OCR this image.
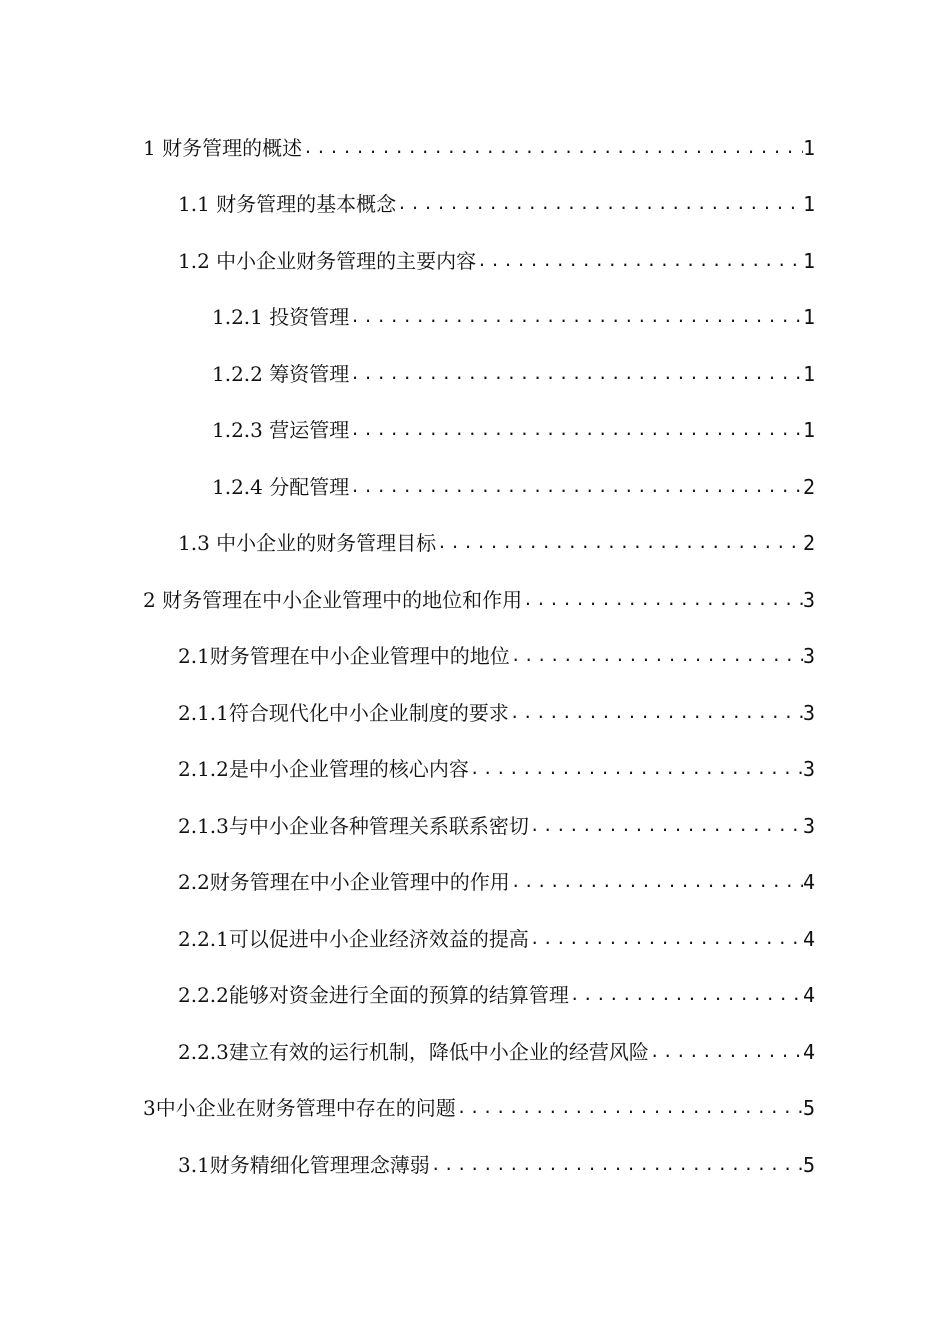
1 财务管理的概述 .....	1
1.1 财务管理的基本概念 .....	1
1.2 中小企业财务管理的主要内容 .....	1
1.2.1 投资管理 .....	1
1.2.2 筹资管理 .....	1
1.2.3 营运管理 .....	1
1.2.4 分配管理 .....	2
1.3 中小企业的财务管理目标 .....	2
2 财务管理在中小企业管理中的地位和作用 .....	3
2.1财务管理在中小企业管理中的地位 .....	3
2.1.1符合现代化中小企业制度的要求 .....	3
2.1.2是中小企业管理的核心内容 .....	3
2.1.3与中小企业各种管理关系联系密切 .....	3
2.2财务管理在中小企业管理中的作用 .....	4
2.2.1可以促进中小企业经济效益的提高 .....	4
2.2.2能够对资金进行全面的预算的结算管理 .....	4
2.2.3建立有效的运行机制，降低中小企业的经营风险 .....	4
3中小企业在财务管理中存在的问题 .....	5
3.1财务精细化管理理念薄弱 .....	5
